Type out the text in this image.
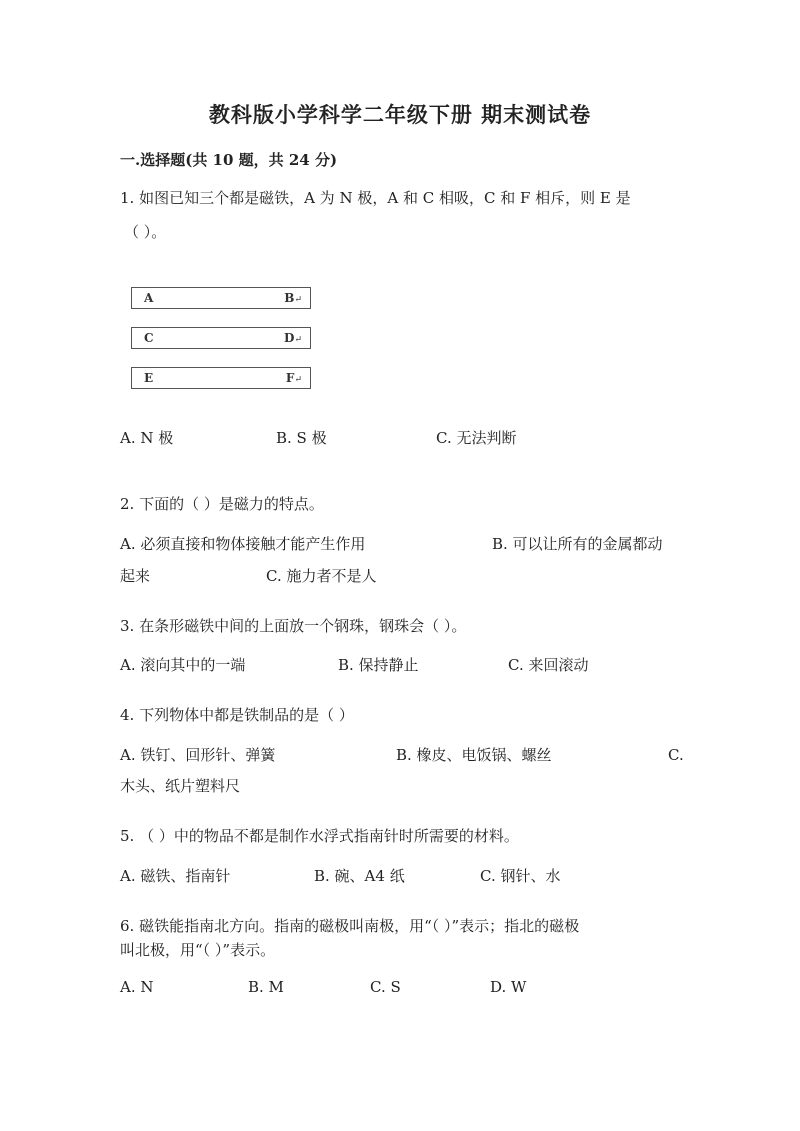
教科版小学科学二年级下册 期末测试卷
一.选择题(共 10 题，共 24 分)
1. 如图已知三个都是磁铁，A 为 N 极，A 和 C 相吸，C 和 F 相斥，则 E 是
（ ）。
A	B↵
C	D↵
E	F↵
A. N 极	B. S 极	C. 无法判断
2. 下面的（ ）是磁力的特点。
A. 必须直接和物体接触才能产生作用	B. 可以让所有的金属都动
起来	C. 施力者不是人
3. 在条形磁铁中间的上面放一个钢珠，钢珠会（ ）。
A. 滚向其中的一端	B. 保持静止	C. 来回滚动
4. 下列物体中都是铁制品的是（ ）
A. 铁钉、回形针、弹簧	B. 橡皮、电饭锅、螺丝	C.
木头、纸片塑料尺
5. （ ）中的物品不都是制作水浮式指南针时所需要的材料。
A. 磁铁、指南针	B. 碗、A4 纸	C. 钢针、水
6. 磁铁能指南北方向。指南的磁极叫南极，用“（ ）”表示；指北的磁极
叫北极，用“（ ）”表示。
A. N	B. M	C. S	D. W
